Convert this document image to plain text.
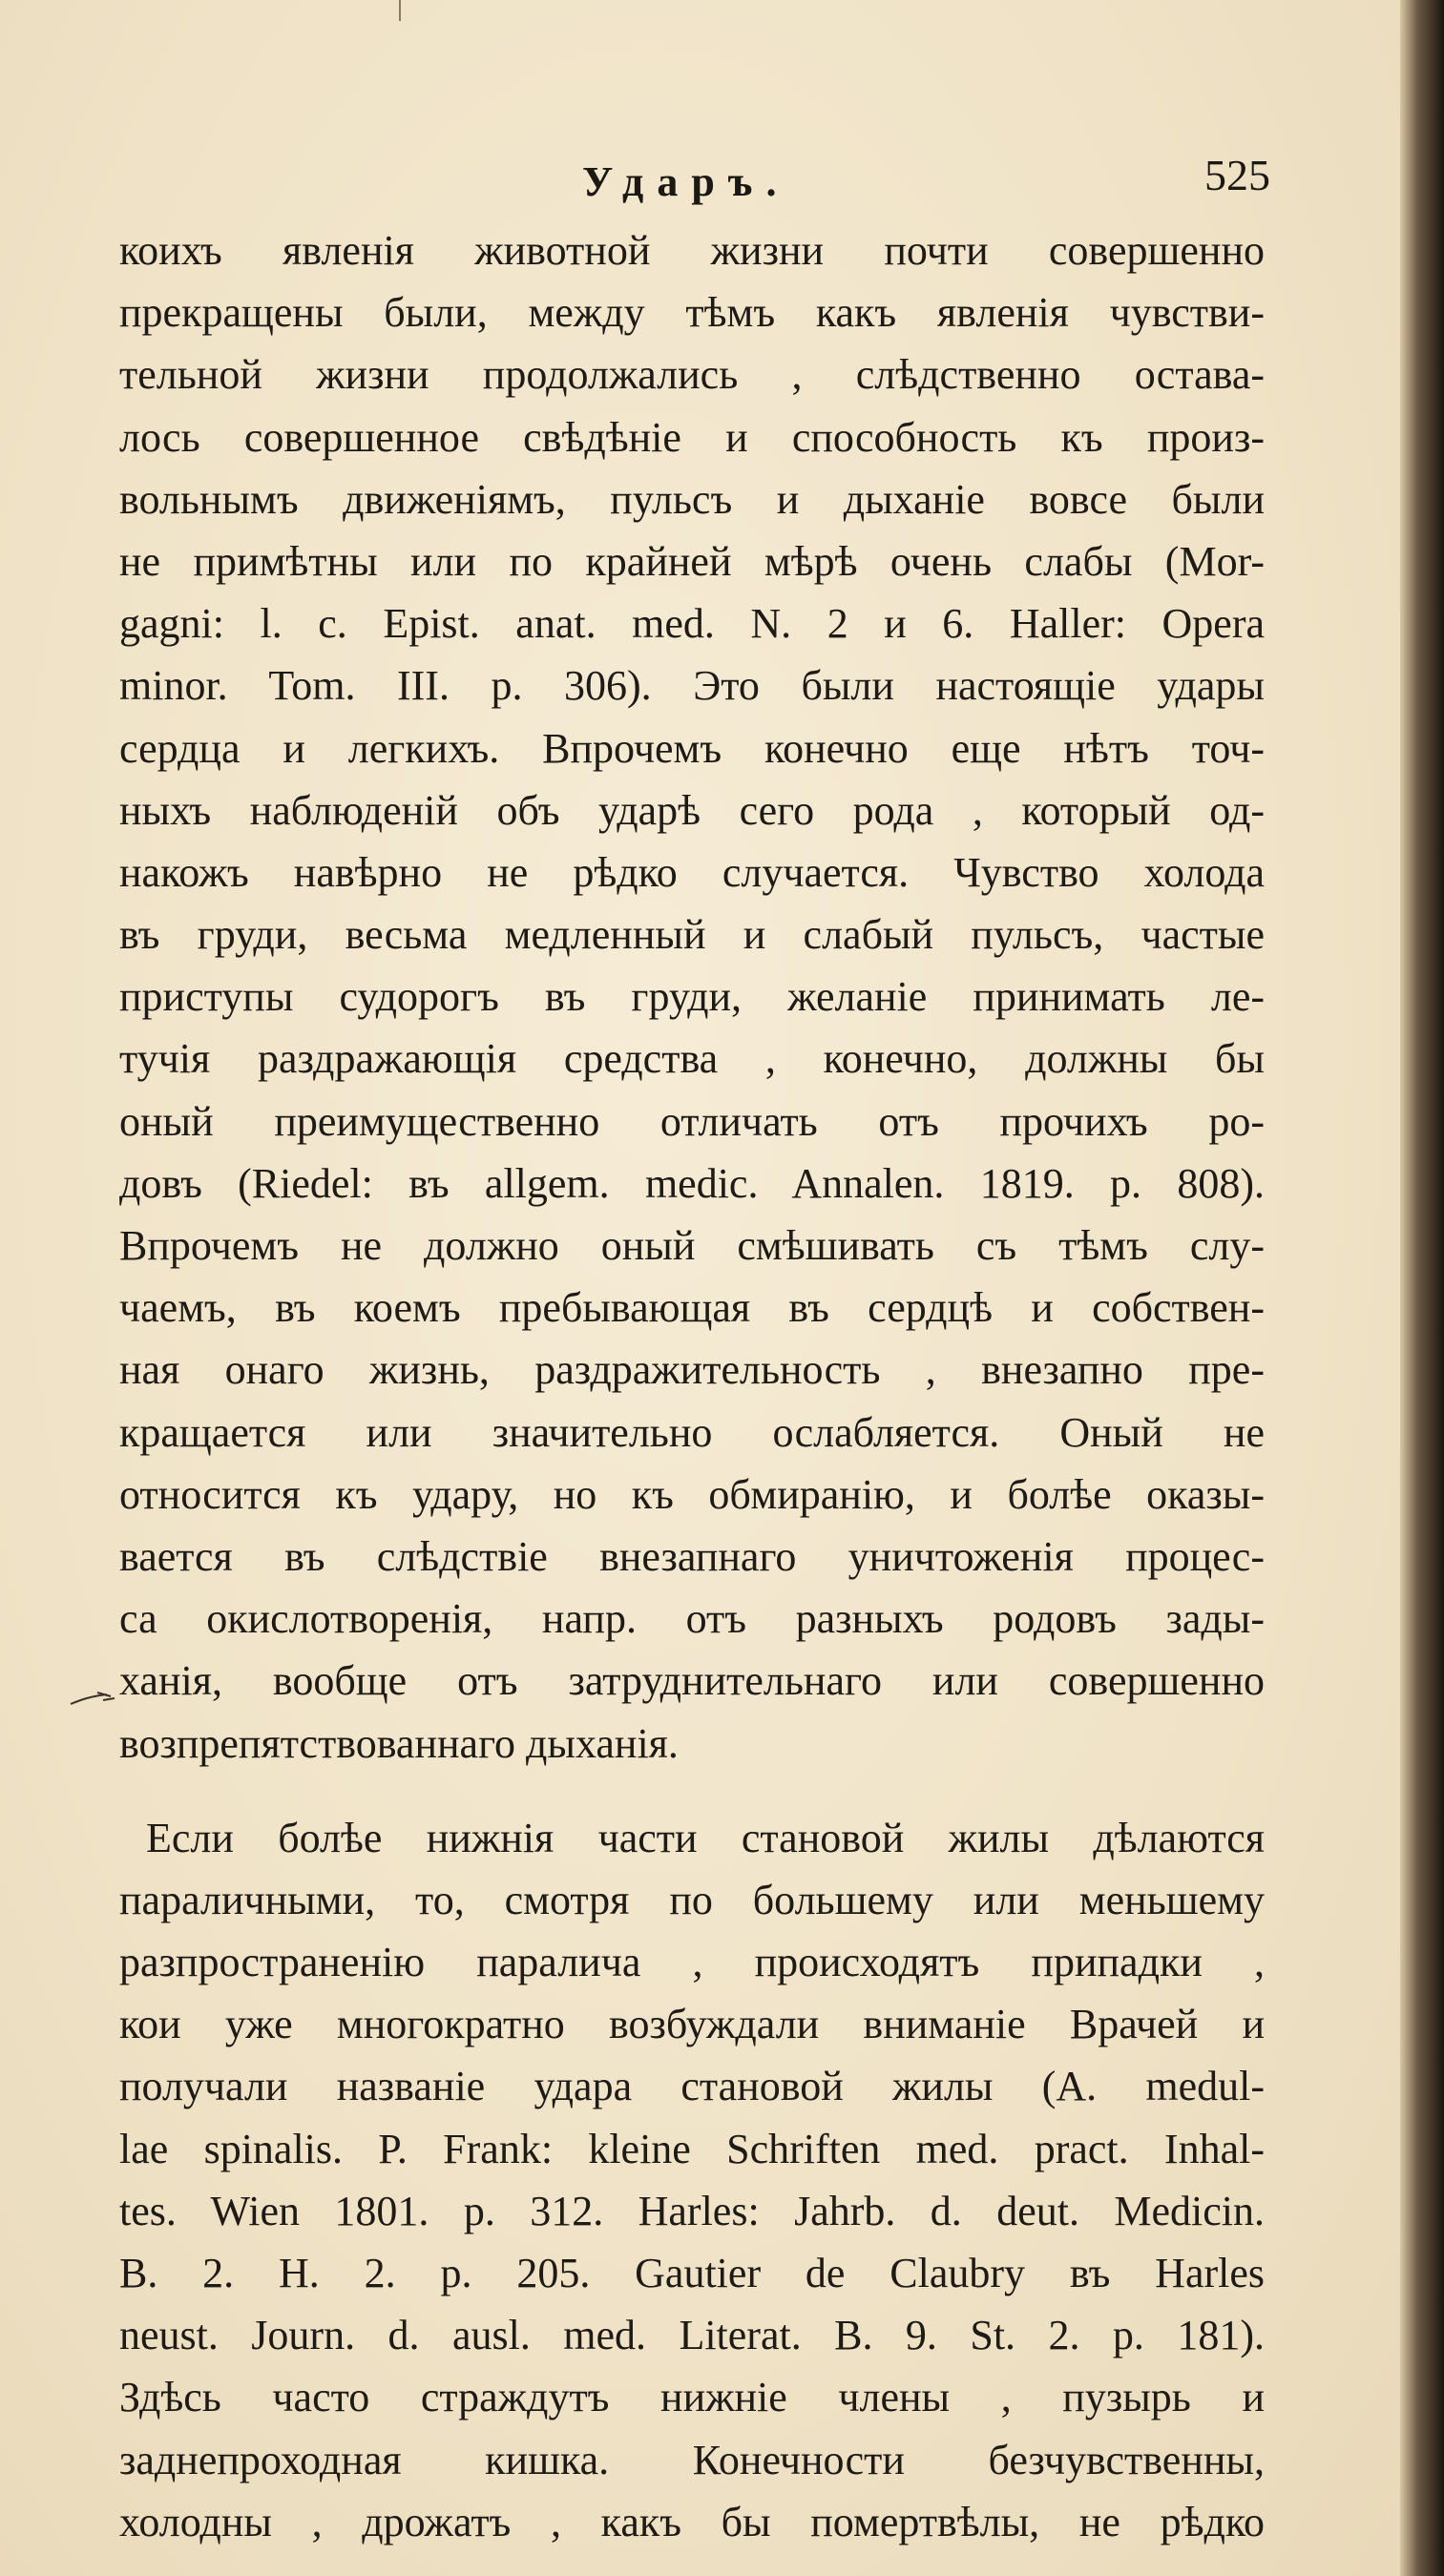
Ударъ.	525
коихъ явленія животной жизни почти совершенно
прекращены были, между тѣмъ какъ явленія чувстви-
тельной жизни продолжались , слѣдственно остава-
лось совершенное свѣдѣніе и способность къ произ-
вольнымъ движеніямъ, пульсъ и дыханіе вовсе были
не примѣтны или по крайней мѣрѣ очень слабы (Mor-
gagni: l. c. Epist. anat. med. N. 2 и 6. Haller: Opera
minor. Tom. III. p. 306). Это были настоящіе удары
сердца и легкихъ. Впрочемъ конечно еще нѣтъ точ-
ныхъ наблюденій объ ударѣ сего рода , который од-
накожъ навѣрно не рѣдко случается. Чувство холода
въ груди, весьма медленный и слабый пульсъ, частые
приступы судорогъ въ груди, желаніе принимать ле-
тучія раздражающія средства , конечно, должны бы
оный преимущественно отличать отъ прочихъ ро-
довъ (Riedel: въ allgem. medic. Annalen. 1819. p. 808).
Впрочемъ не должно оный смѣшивать съ тѣмъ слу-
чаемъ, въ коемъ пребывающая въ сердцѣ и собствен-
ная онаго жизнь, раздражительность , внезапно пре-
кращается или значительно ослабляется. Оный не
относится къ удару, но къ обмиранію, и болѣе оказы-
вается въ слѣдствіе внезапнаго уничтоженія процес-
са окислотворенія, напр. отъ разныхъ родовъ зады-
ханія, вообще отъ затруднительнаго или совершенно
возпрепятствованнаго дыханія.
Если болѣе нижнія части становой жилы дѣлаются
параличными, то, смотря по большему или меньшему
разпространенію паралича , происходятъ припадки ,
кои уже многократно возбуждали вниманіе Врачей и
получали названіе удара становой жилы (A. medul-
lae spinalis. P. Frank: kleine Schriften med. pract. Inhal-
tes. Wien 1801. p. 312. Harles: Jahrb. d. deut. Medicin.
B. 2. H. 2. p. 205. Gautier de Claubry въ Harles
neust. Journ. d. ausl. med. Literat. B. 9. St. 2. p. 181).
Здѣсь часто страждутъ нижніе члены , пузырь и
заднепроходная кишка. Конечности безчувственны,
холодны , дрожатъ , какъ бы помертвѣлы, не рѣдко
